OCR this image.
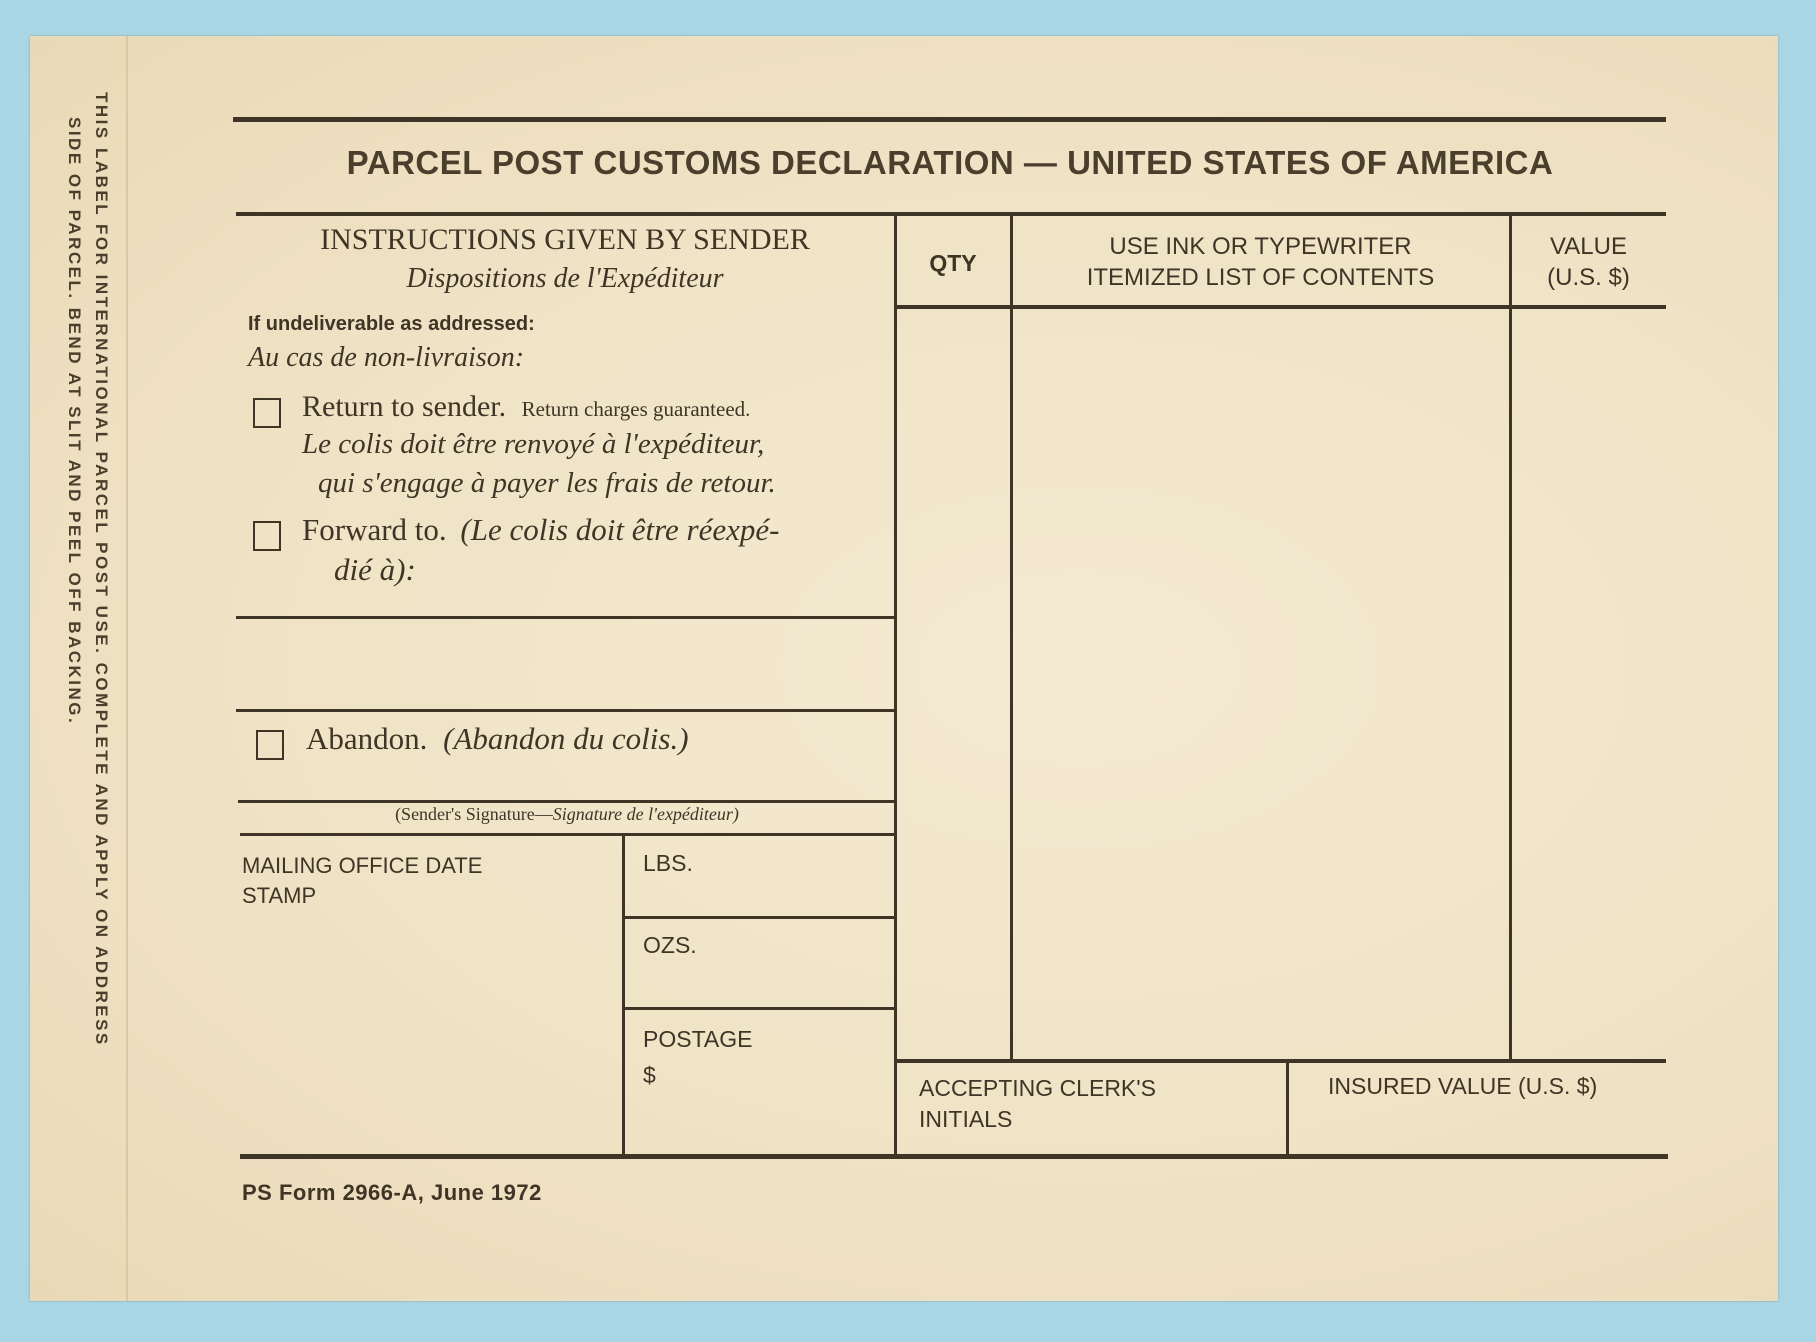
THIS LABEL FOR INTERNATIONAL PARCEL POST USE. COMPLETE AND APPLY ON ADDRESS
SIDE OF PARCEL. BEND AT SLIT AND PEEL OFF BACKING.	PARCEL POST CUSTOMS DECLARATION — UNITED STATES OF AMERICA
QTY
USE INK OR TYPEWRITER
ITEMIZED LIST OF CONTENTS
VALUE
(U.S. $)
INSTRUCTIONS GIVEN BY SENDER
Dispositions de l'Expéditeur
If undeliverable as addressed:
Au cas de non-livraison:
Return to sender. Return charges guaranteed.
Le colis doit être renvoyé à l'expéditeur,
qui s'engage à payer les frais de retour.
Forward to. (Le colis doit être réexpé-
dié à):
Abandon. (Abandon du colis.)
(Sender's Signature—Signature de l'expéditeur)
MAILING OFFICE DATE
STAMP
LBS.
OZS.
POSTAGE
$	ACCEPTING CLERK'S
INITIALS
INSURED VALUE (U.S. $)
PS Form 2966-A, June 1972
